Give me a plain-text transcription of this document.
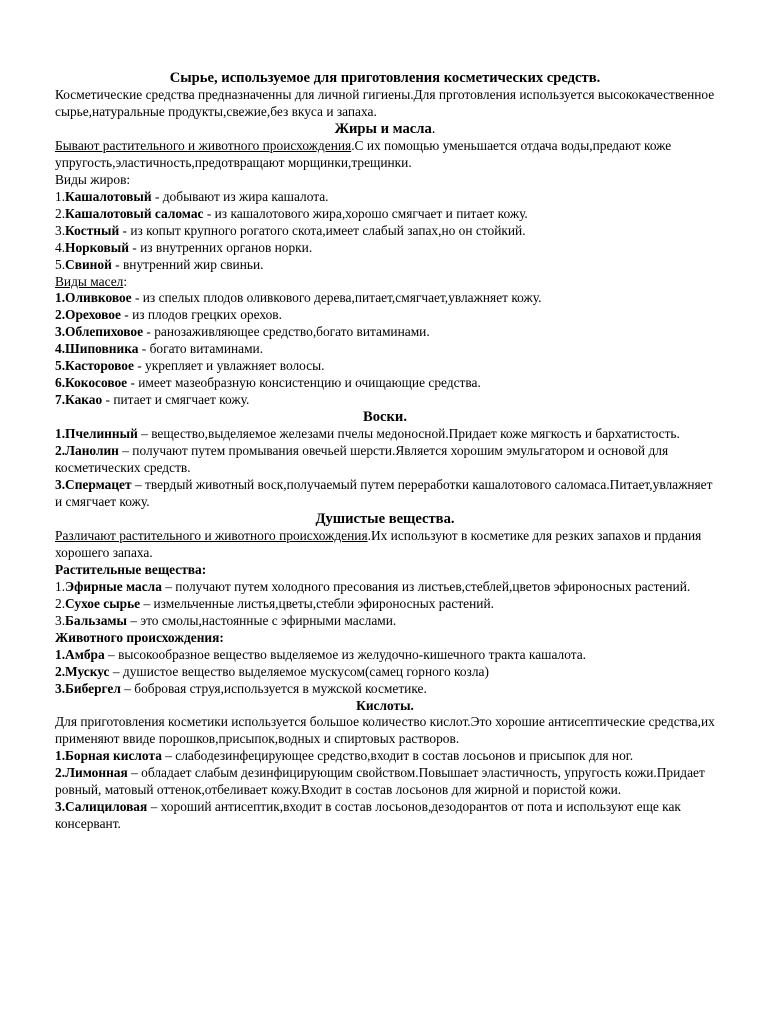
Сырье, используемое для приготовления косметических средств.

Косметические средства предназначенны для личной гигиены.Для прготовления используется высококачественное сырье,натуральные продукты,свежие,без вкуса и запаха.

Жиры и масла.

Бывают растительного и животного происхождения.С их помощью уменьшается отдача воды,предают коже упругость,эластичность,предотвращают морщинки,трещинки.

Виды жиров:

1.Кашалотовый - добывают из жира кашалота.

2.Кашалотовый саломас - из кашалотового жира,хорошо смягчает и питает кожу.

3.Костный - из копыт крупного рогатого скота,имеет слабый запах,но он стойкий.

4.Норковый - из внутренних органов норки.

5.Свиной - внутренний жир свиньи.

Виды масел:

1.Оливковое - из спелых плодов оливкового дерева,питает,смягчает,увлажняет кожу.

2.Ореховое - из плодов грецких орехов.

3.Облепиховое - ранозаживляющее средство,богато витаминами.

4.Шиповника - богато витаминами.

5.Касторовое - укрепляет и увлажняет волосы.

6.Кокосовое - имеет мазеобразную консистенцию и очищающие средства.

7.Какао - питает и смягчает кожу.

Воски.

1.Пчелинный – вещество,выделяемое железами пчелы медоносной.Придает коже мягкость и бархатистость.

2.Ланолин – получают путем промывания овечьей шерсти.Является хорошим эмульгатором и основой для косметических средств.

3.Спермацет – твердый животный воск,получаемый путем переработки кашалотового саломаса.Питает,увлажняет и смягчает кожу.

Душистые вещества.

Различают растительного и животного происхождения.Их используют в косметике для резких запахов и прдания хорошего запаха.

Растительные вещества:

1.Эфирные масла – получают путем холодного пресования из листьев,стеблей,цветов эфироносных растений.

2.Сухое сырье – измельченные листья,цветы,стебли эфироносных растений.

3.Бальзамы – это смолы,настоянные с эфирными маслами.

Животного происхождения:

1.Амбра – высокообразное вещество выделяемое из желудочно-кишечного тракта кашалота.

2.Мускус – душистое вещество выделяемое мускусом(самец горного козла)

3.Бибергел – бобровая струя,используется в мужской косметике.

Кислоты.

Для приготовления косметики используется большое количество кислот.Это хорошие антисептические средства,их применяют ввиде порошков,присыпок,водных и спиртовых растворов.

1.Борная кислота – слабодезинфецирующее средство,входит в состав лосьонов и присыпок для ног.

2.Лимонная – обладает слабым дезинфицирующим свойством.Повышает эластичность, упругость кожи.Придает ровный, матовый оттенок,отбеливает кожу.Входит в состав лосьонов для жирной и пористой кожи.

3.Салициловая – хороший антисептик,входит в состав лосьонов,дезодорантов от пота и используют еще как консервант.
